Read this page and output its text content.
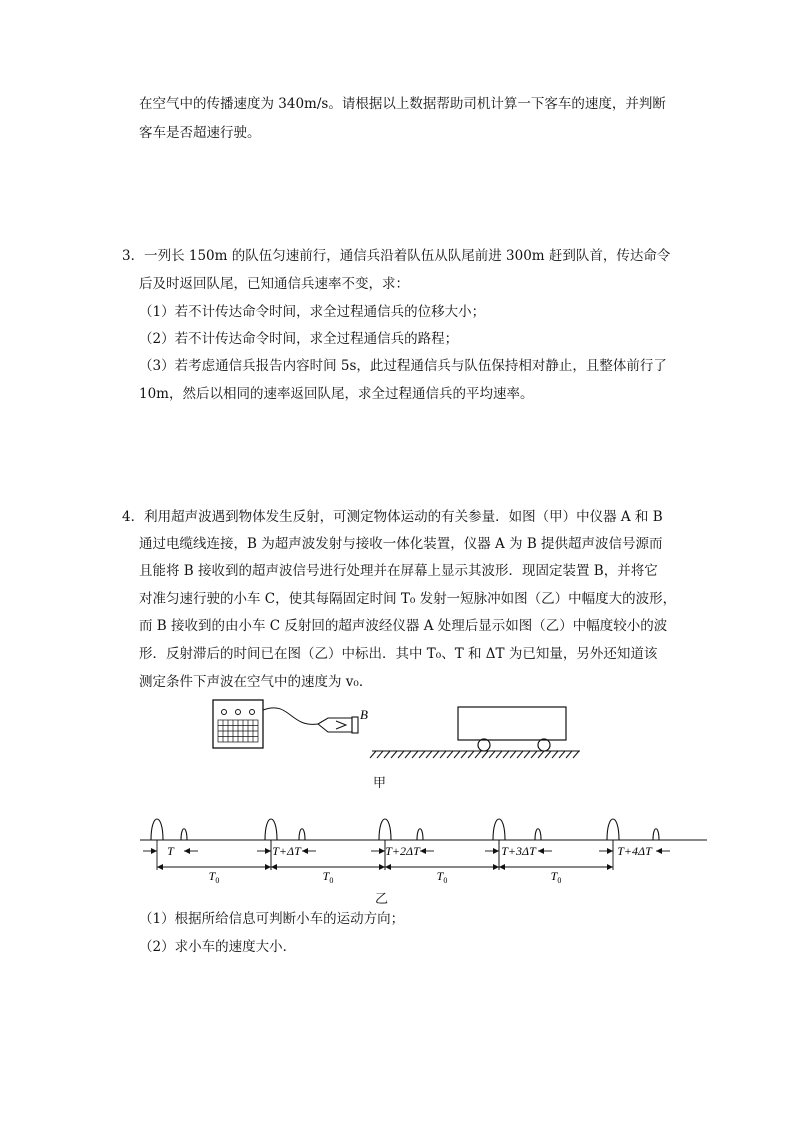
在空气中的传播速度为 340m/s。请根据以上数据帮助司机计算一下客车的速度，并判断
客车是否超速行驶。
3．一列长 150m 的队伍匀速前行，通信兵沿着队伍从队尾前进 300m 赶到队首，传达命令
后及时返回队尾，已知通信兵速率不变，求：
（1）若不计传达命令时间，求全过程通信兵的位移大小；
（2）若不计传达命令时间，求全过程通信兵的路程；
（3）若考虑通信兵报告内容时间 5s，此过程通信兵与队伍保持相对静止，且整体前行了
10m，然后以相同的速率返回队尾，求全过程通信兵的平均速率。
4．利用超声波遇到物体发生反射，可测定物体运动的有关参量．如图（甲）中仪器 A 和 B
通过电缆线连接，B 为超声波发射与接收一体化装置，仪器 A 为 B 提供超声波信号源而
且能将 B 接收到的超声波信号进行处理并在屏幕上显示其波形．现固定装置 B，并将它
对准匀速行驶的小车 C，使其每隔固定时间 T₀ 发射一短脉冲如图（乙）中幅度大的波形，
而 B 接收到的由小车 C 反射回的超声波经仪器 A 处理后显示如图（乙）中幅度较小的波
形．反射滞后的时间已在图（乙）中标出．其中 T₀、T 和 ΔT 为已知量，另外还知道该
测定条件下声波在空气中的速度为 v₀．
B
甲
T
$T_0$
T+ΔT
$T_0$
T+2ΔT
$T_0$
T+3ΔT
$T_0$
T+4ΔT
乙
（1）根据所给信息可判断小车的运动方向；
（2）求小车的速度大小．
